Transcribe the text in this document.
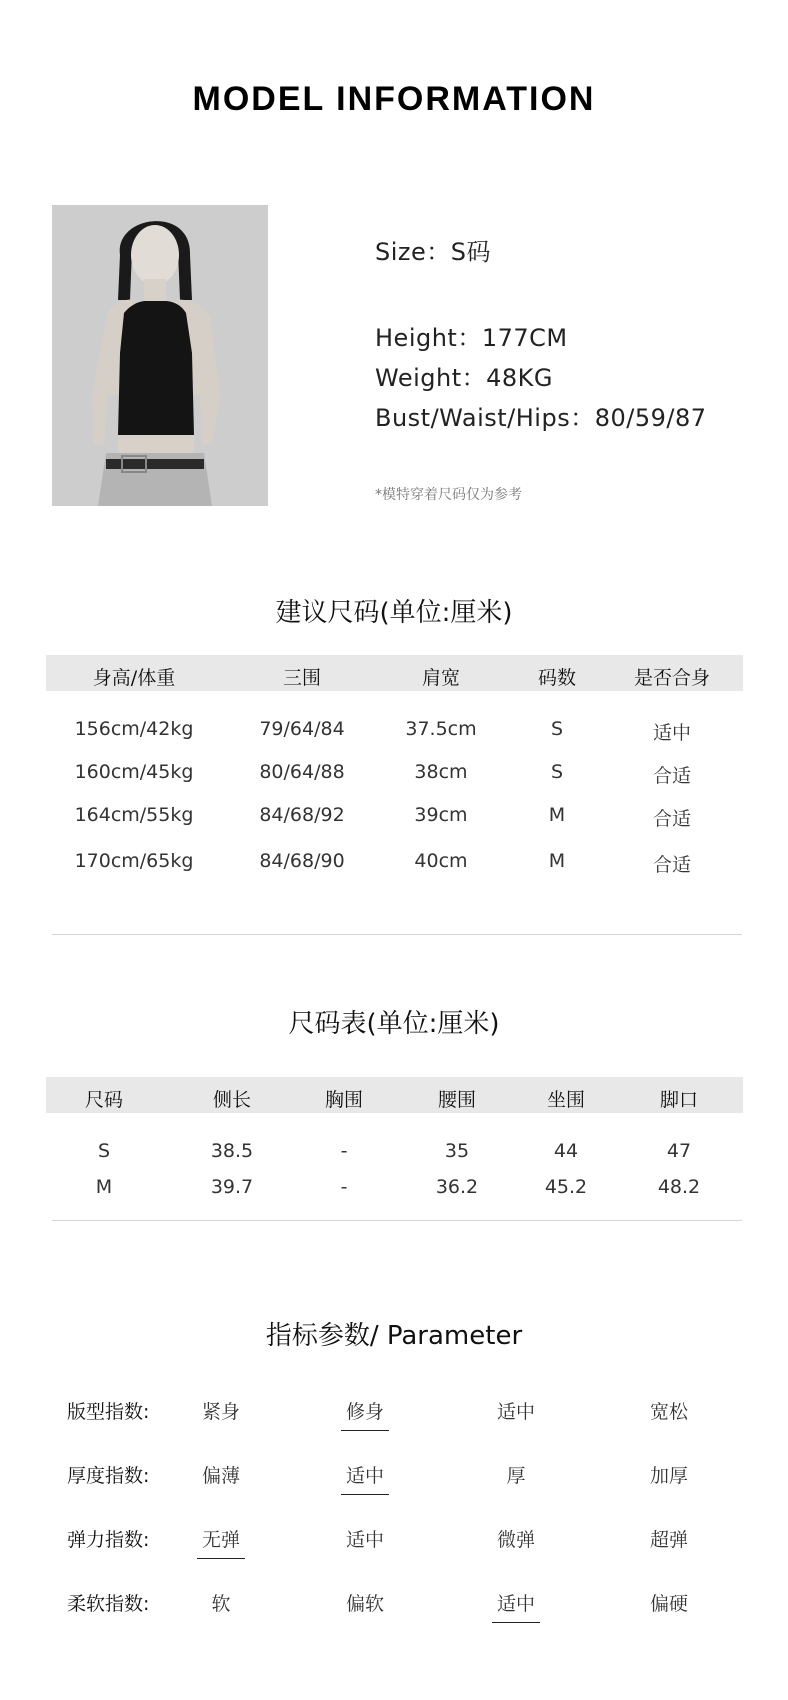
MODEL INFORMATION
Size：S码
Height：177CM
Weight：48KG
Bust/Waist/Hips：80/59/87
*模特穿着尺码仅为参考
建议尺码(单位:厘米)
身高/体重	三围	肩宽	码数	是否合身
156cm/42kg	79/64/84	37.5cm	S	适中
160cm/45kg	80/64/88	38cm	S	合适
164cm/55kg	84/68/92	39cm	M	合适
170cm/65kg	84/68/90	40cm	M	合适
尺码表(单位:厘米)
尺码	侧长	胸围	腰围	坐围	脚口
S	38.5	-	35	44	47
M	39.7	-	36.2	45.2	48.2
指标参数/ Parameter
版型指数:	紧身	修身	适中	宽松
厚度指数:	偏薄	适中	厚	加厚
弹力指数:	无弹	适中	微弹	超弹
柔软指数:	软	偏软	适中	偏硬
